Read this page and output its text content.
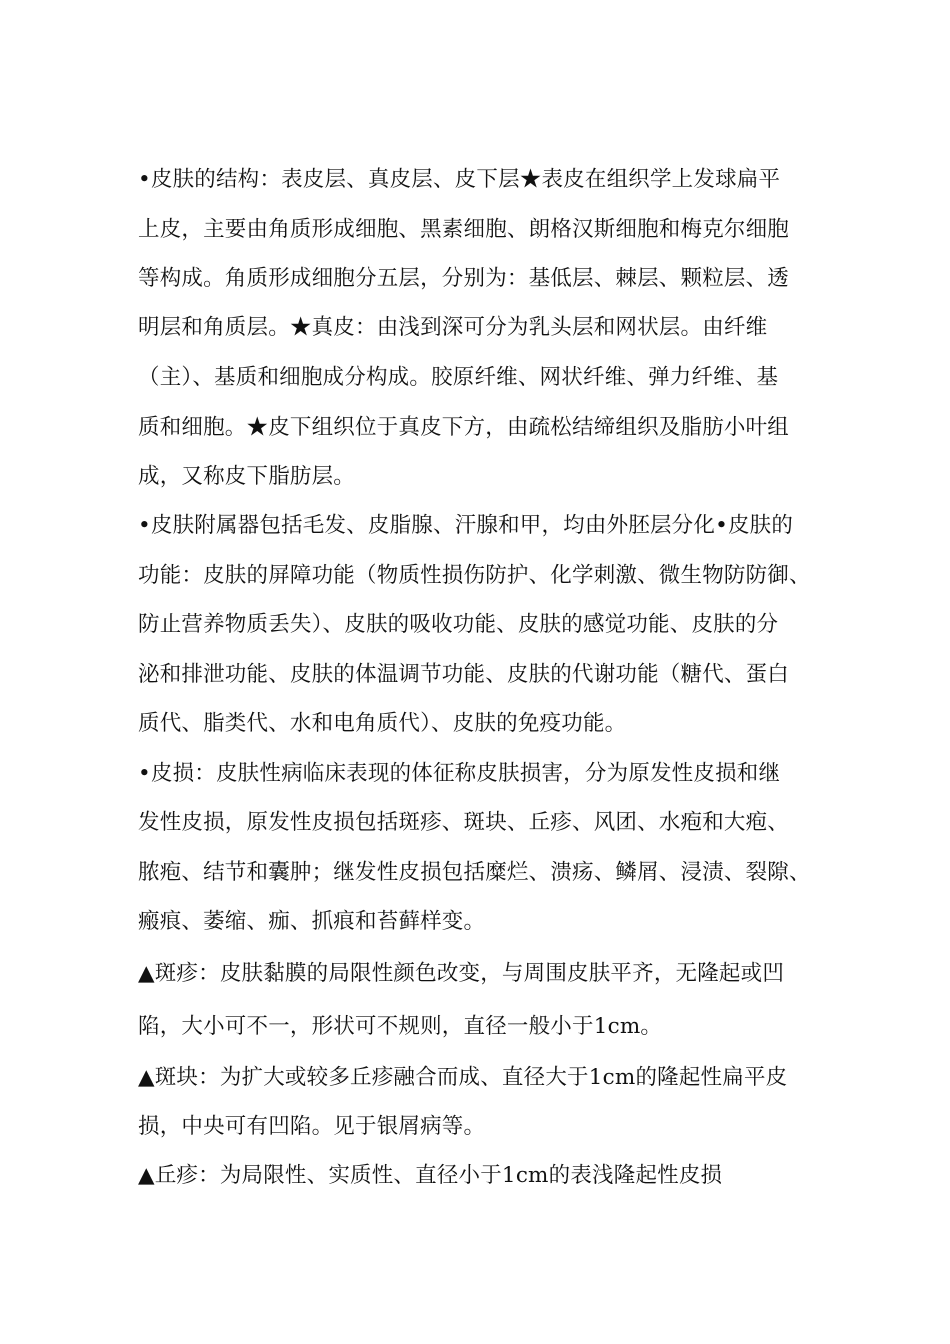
•皮肤的结构：表皮层、真皮层、皮下层★表皮在组织学上发球扁平
上皮，主要由角质形成细胞、黑素细胞、朗格汉斯细胞和梅克尔细胞
等构成。角质形成细胞分五层，分别为：基低层、棘层、颗粒层、透
明层和角质层。★真皮：由浅到深可分为乳头层和网状层。由纤维
（主）、基质和细胞成分构成。胶原纤维、网状纤维、弹力纤维、基
质和细胞。★皮下组织位于真皮下方，由疏松结缔组织及脂肪小叶组
成，又称皮下脂肪层。
•皮肤附属器包括毛发、皮脂腺、汗腺和甲，均由外胚层分化•皮肤的
功能：皮肤的屏障功能（物质性损伤防护、化学刺激、微生物防防御、
防止营养物质丢失）、皮肤的吸收功能、皮肤的感觉功能、皮肤的分
泌和排泄功能、皮肤的体温调节功能、皮肤的代谢功能（糖代、蛋白
质代、脂类代、水和电角质代）、皮肤的免疫功能。
•皮损：皮肤性病临床表现的体征称皮肤损害，分为原发性皮损和继
发性皮损，原发性皮损包括斑疹、斑块、丘疹、风团、水疱和大疱、
脓疱、结节和囊肿；继发性皮损包括糜烂、溃疡、鳞屑、浸渍、裂隙、
瘢痕、萎缩、痂、抓痕和苔藓样变。
▲斑疹：皮肤黏膜的局限性颜色改变，与周围皮肤平齐，无隆起或凹
陷，大小可不一，形状可不规则，直径一般小于1cm。
▲斑块：为扩大或较多丘疹融合而成、直径大于1cm的隆起性扁平皮
损，中央可有凹陷。见于银屑病等。
▲丘疹：为局限性、实质性、直径小于1cm的表浅隆起性皮损
